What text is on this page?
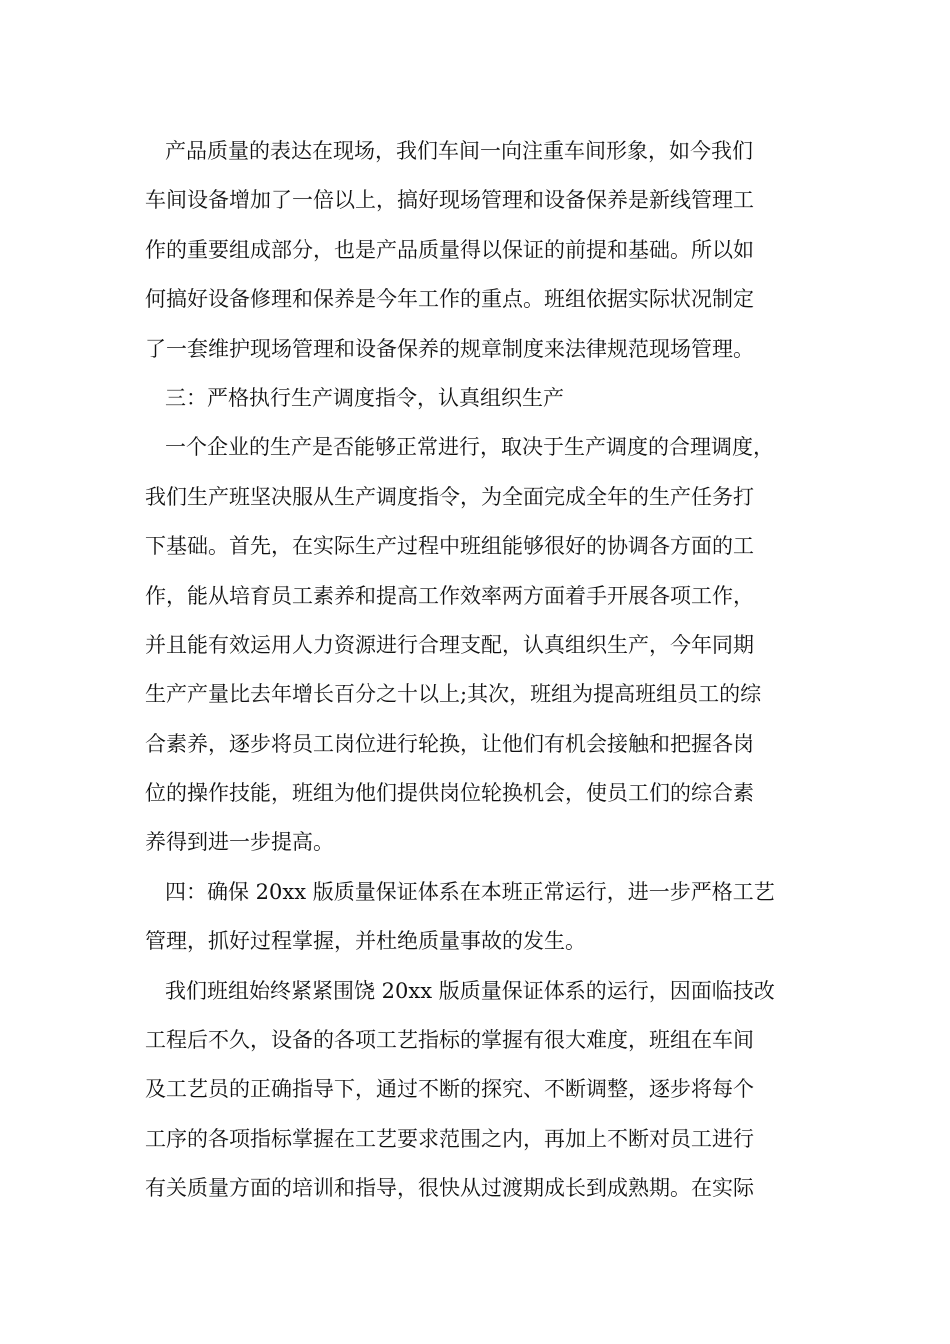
产品质量的表达在现场，我们车间一向注重车间形象，如今我们
车间设备增加了一倍以上，搞好现场管理和设备保养是新线管理工
作的重要组成部分，也是产品质量得以保证的前提和基础。所以如
何搞好设备修理和保养是今年工作的重点。班组依据实际状况制定
了一套维护现场管理和设备保养的规章制度来法律规范现场管理。
三：严格执行生产调度指令，认真组织生产
一个企业的生产是否能够正常进行，取决于生产调度的合理调度，
我们生产班坚决服从生产调度指令，为全面完成全年的生产任务打
下基础。首先，在实际生产过程中班组能够很好的协调各方面的工
作，能从培育员工素养和提高工作效率两方面着手开展各项工作，
并且能有效运用人力资源进行合理支配，认真组织生产，今年同期
生产产量比去年增长百分之十以上;其次，班组为提高班组员工的综
合素养，逐步将员工岗位进行轮换，让他们有机会接触和把握各岗
位的操作技能，班组为他们提供岗位轮换机会，使员工们的综合素
养得到进一步提高。
四：确保 20xx 版质量保证体系在本班正常运行，进一步严格工艺
管理，抓好过程掌握，并杜绝质量事故的发生。
我们班组始终紧紧围饶 20xx 版质量保证体系的运行，因面临技改
工程后不久，设备的各项工艺指标的掌握有很大难度，班组在车间
及工艺员的正确指导下，通过不断的探究、不断调整，逐步将每个
工序的各项指标掌握在工艺要求范围之内，再加上不断对员工进行
有关质量方面的培训和指导，很快从过渡期成长到成熟期。在实际
